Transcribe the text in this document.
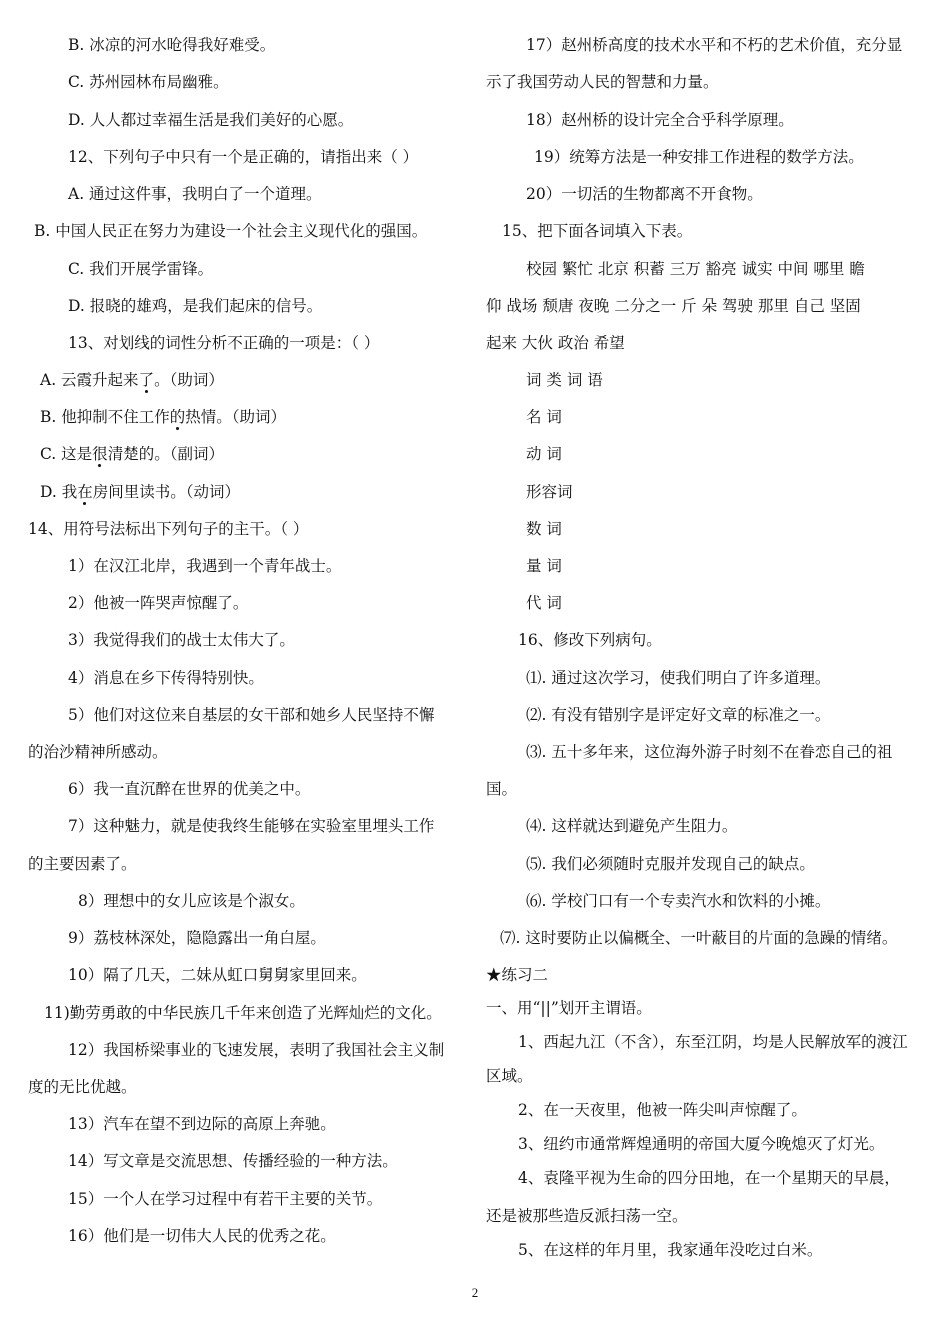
B. 冰凉的河水呛得我好难受。
C. 苏州园林布局幽雅。
D. 人人都过幸福生活是我们美好的心愿。
12、下列句子中只有一个是正确的，请指出来（ ）
A. 通过这件事，我明白了一个道理。
B. 中国人民正在努力为建设一个社会主义现代化的强国。
C. 我们开展学雷锋。
D. 报晓的雄鸡，是我们起床的信号。
13、对划线的词性分析不正确的一项是：（ ）
A. 云霞升起来了。（助词）
B. 他抑制不住工作的热情。（助词）
C. 这是很清楚的。（副词）
D. 我在房间里读书。（动词）
14、用符号法标出下列句子的主干。（ ）
1）在汉江北岸，我遇到一个青年战士。
2）他被一阵哭声惊醒了。
3）我觉得我们的战士太伟大了。
4）消息在乡下传得特别快。
5）他们对这位来自基层的女干部和她乡人民坚持不懈
的治沙精神所感动。
6）我一直沉醉在世界的优美之中。
7）这种魅力，就是使我终生能够在实验室里埋头工作
的主要因素了。
8）理想中的女儿应该是个淑女。
9）荔枝林深处，隐隐露出一角白屋。
10）隔了几天，二妹从虹口舅舅家里回来。
11)勤劳勇敢的中华民族几千年来创造了光辉灿烂的文化。
12）我国桥梁事业的飞速发展，表明了我国社会主义制
度的无比优越。
13）汽车在望不到边际的高原上奔驰。
14）写文章是交流思想、传播经验的一种方法。
15）一个人在学习过程中有若干主要的关节。
16）他们是一切伟大人民的优秀之花。
17）赵州桥高度的技术水平和不朽的艺术价值，充分显
示了我国劳动人民的智慧和力量。
18）赵州桥的设计完全合乎科学原理。
19）统筹方法是一种安排工作进程的数学方法。
20）一切活的生物都离不开食物。
15、把下面各词填入下表。
校园 繁忙 北京 积蓄 三万 豁亮 诚实 中间 哪里 瞻
仰 战场 颓唐 夜晚 二分之一 斤 朵 驾驶 那里 自己 坚固
起来 大伙 政治 希望
词 类 词 语
名 词
动 词
形容词
数 词
量 词
代 词
16、修改下列病句。
⑴. 通过这次学习，使我们明白了许多道理。
⑵. 有没有错别字是评定好文章的标准之一。
⑶. 五十多年来，这位海外游子时刻不在眷恋自己的祖
国。
⑷. 这样就达到避免产生阻力。
⑸. 我们必须随时克服并发现自己的缺点。
⑹. 学校门口有一个专卖汽水和饮料的小摊。
⑺. 这时要防止以偏概全、一叶蔽目的片面的急躁的情绪。
★练习二
一、用“||”划开主谓语。
1、西起九江（不含），东至江阴，均是人民解放军的渡江
区域。
2、在一天夜里，他被一阵尖叫声惊醒了。
3、纽约市通常辉煌通明的帝国大厦今晚熄灭了灯光。
4、袁隆平视为生命的四分田地，在一个星期天的早晨，
还是被那些造反派扫荡一空。
5、在这样的年月里，我家通年没吃过白米。
2
